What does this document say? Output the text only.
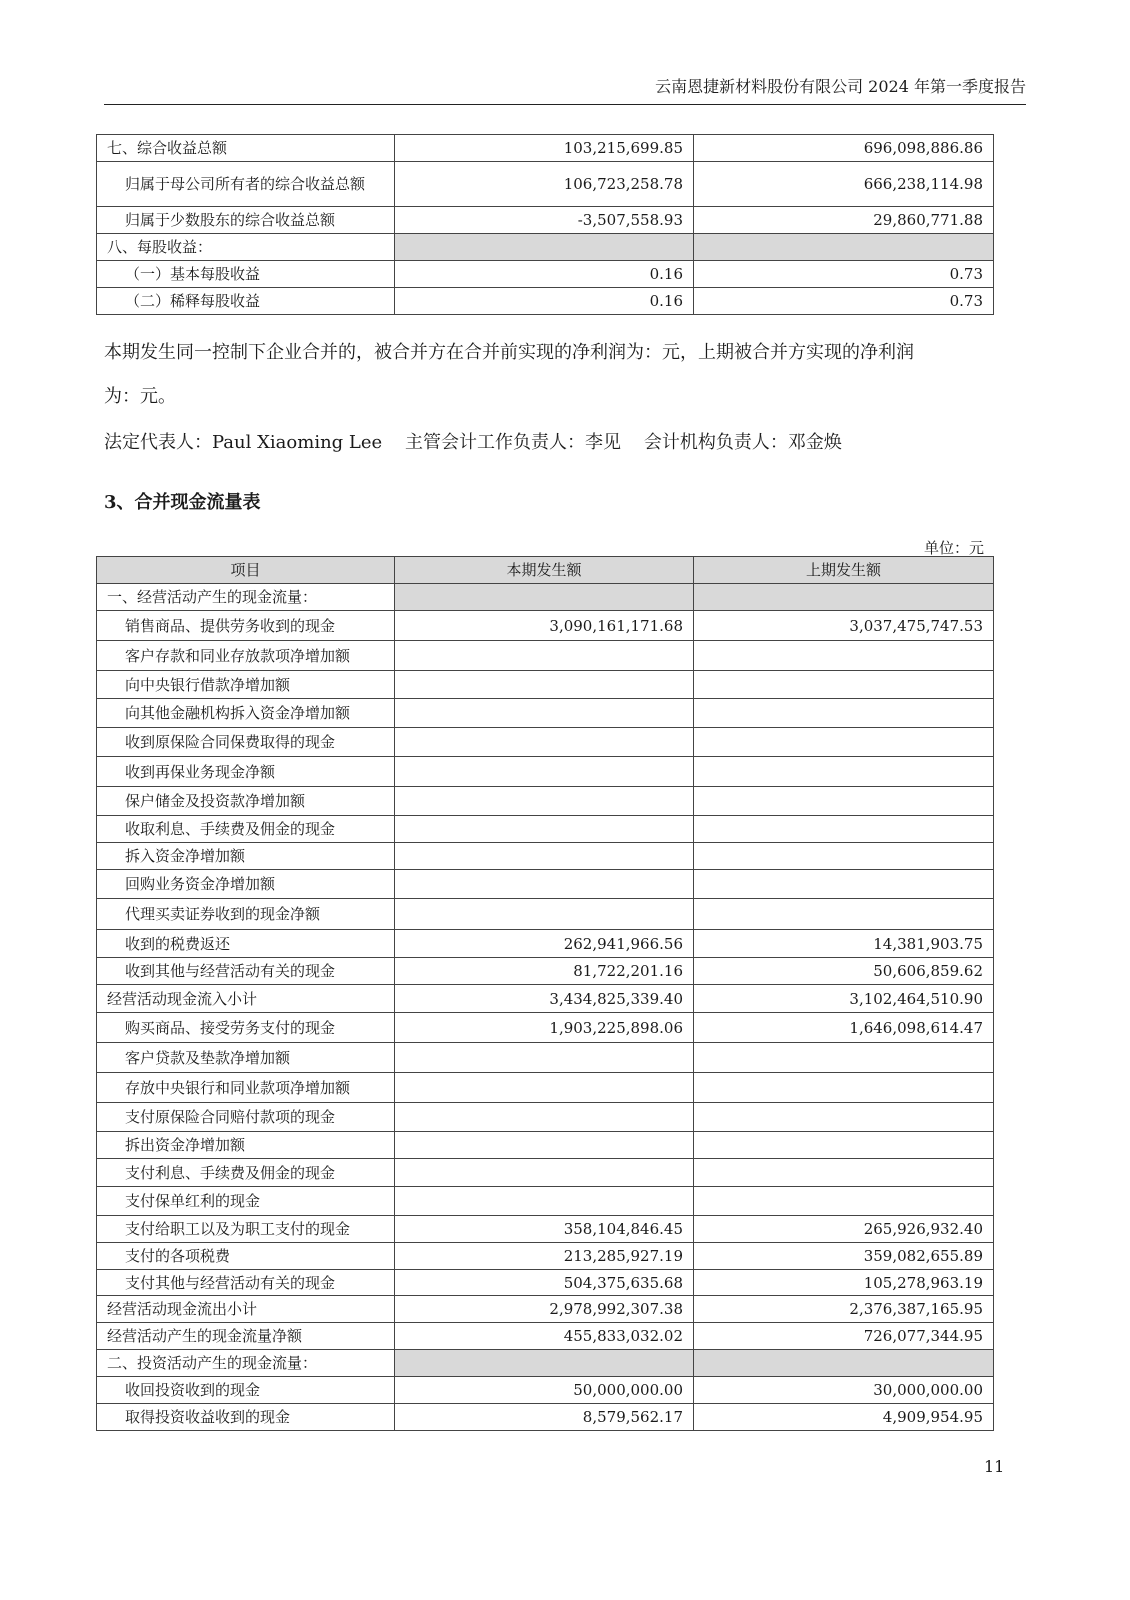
云南恩捷新材料股份有限公司 2024 年第一季度报告
七、综合收益总额	103,215,699.85	696,098,886.86
归属于母公司所有者的综合收益总额	106,723,258.78	666,238,114.98
归属于少数股东的综合收益总额	-3,507,558.93	29,860,771.88
八、每股收益：		
（一）基本每股收益	0.16	0.73
（二）稀释每股收益	0.16	0.73
本期发生同一控制下企业合并的，被合并方在合并前实现的净利润为：元，上期被合并方实现的净利润
为：元。
法定代表人：Paul Xiaoming Lee    主管会计工作负责人：李见    会计机构负责人：邓金焕
3、合并现金流量表
单位：元
项目	本期发生额	上期发生额
一、经营活动产生的现金流量：		
销售商品、提供劳务收到的现金	3,090,161,171.68	3,037,475,747.53
客户存款和同业存放款项净增加额		
向中央银行借款净增加额		
向其他金融机构拆入资金净增加额		
收到原保险合同保费取得的现金		
收到再保业务现金净额		
保户储金及投资款净增加额		
收取利息、手续费及佣金的现金		
拆入资金净增加额		
回购业务资金净增加额		
代理买卖证券收到的现金净额		
收到的税费返还	262,941,966.56	14,381,903.75
收到其他与经营活动有关的现金	81,722,201.16	50,606,859.62
经营活动现金流入小计	3,434,825,339.40	3,102,464,510.90
购买商品、接受劳务支付的现金	1,903,225,898.06	1,646,098,614.47
客户贷款及垫款净增加额		
存放中央银行和同业款项净增加额		
支付原保险合同赔付款项的现金		
拆出资金净增加额		
支付利息、手续费及佣金的现金		
支付保单红利的现金		
支付给职工以及为职工支付的现金	358,104,846.45	265,926,932.40
支付的各项税费	213,285,927.19	359,082,655.89
支付其他与经营活动有关的现金	504,375,635.68	105,278,963.19
经营活动现金流出小计	2,978,992,307.38	2,376,387,165.95
经营活动产生的现金流量净额	455,833,032.02	726,077,344.95
二、投资活动产生的现金流量：		
收回投资收到的现金	50,000,000.00	30,000,000.00
取得投资收益收到的现金	8,579,562.17	4,909,954.95
11
